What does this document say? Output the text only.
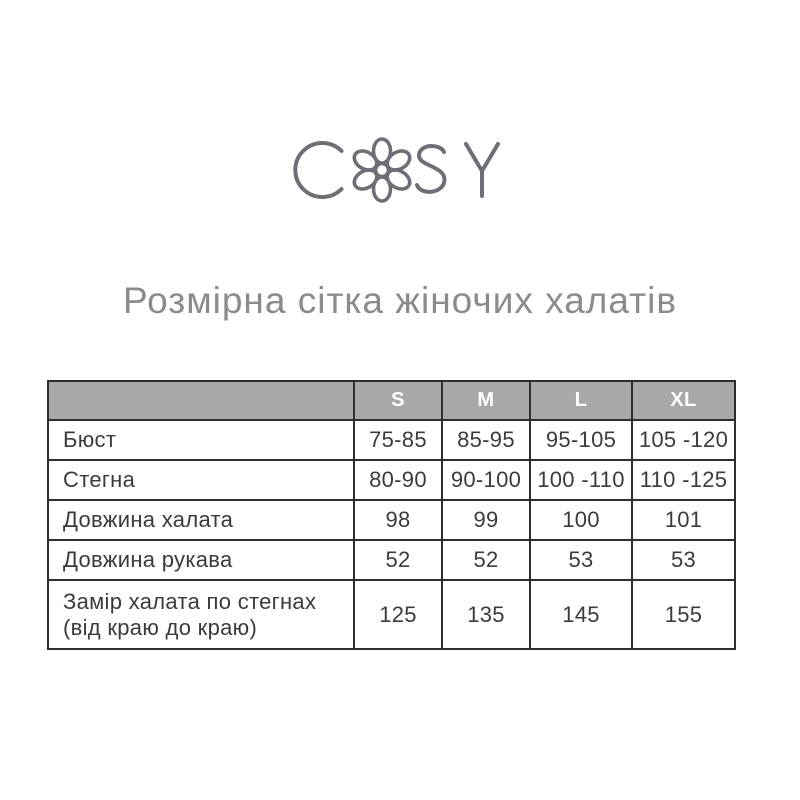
Розмірна сітка жіночих халатів
	S	M	L	XL
Бюст	75-85	85-95	95-105	105 -120
Стегна	80-90	90-100	100 -110	110 -125
Довжина халата	98	99	100	101
Довжина рукава	52	52	53	53

Замір халата по стегнах
(від краю до краю)	125	135	145	155
